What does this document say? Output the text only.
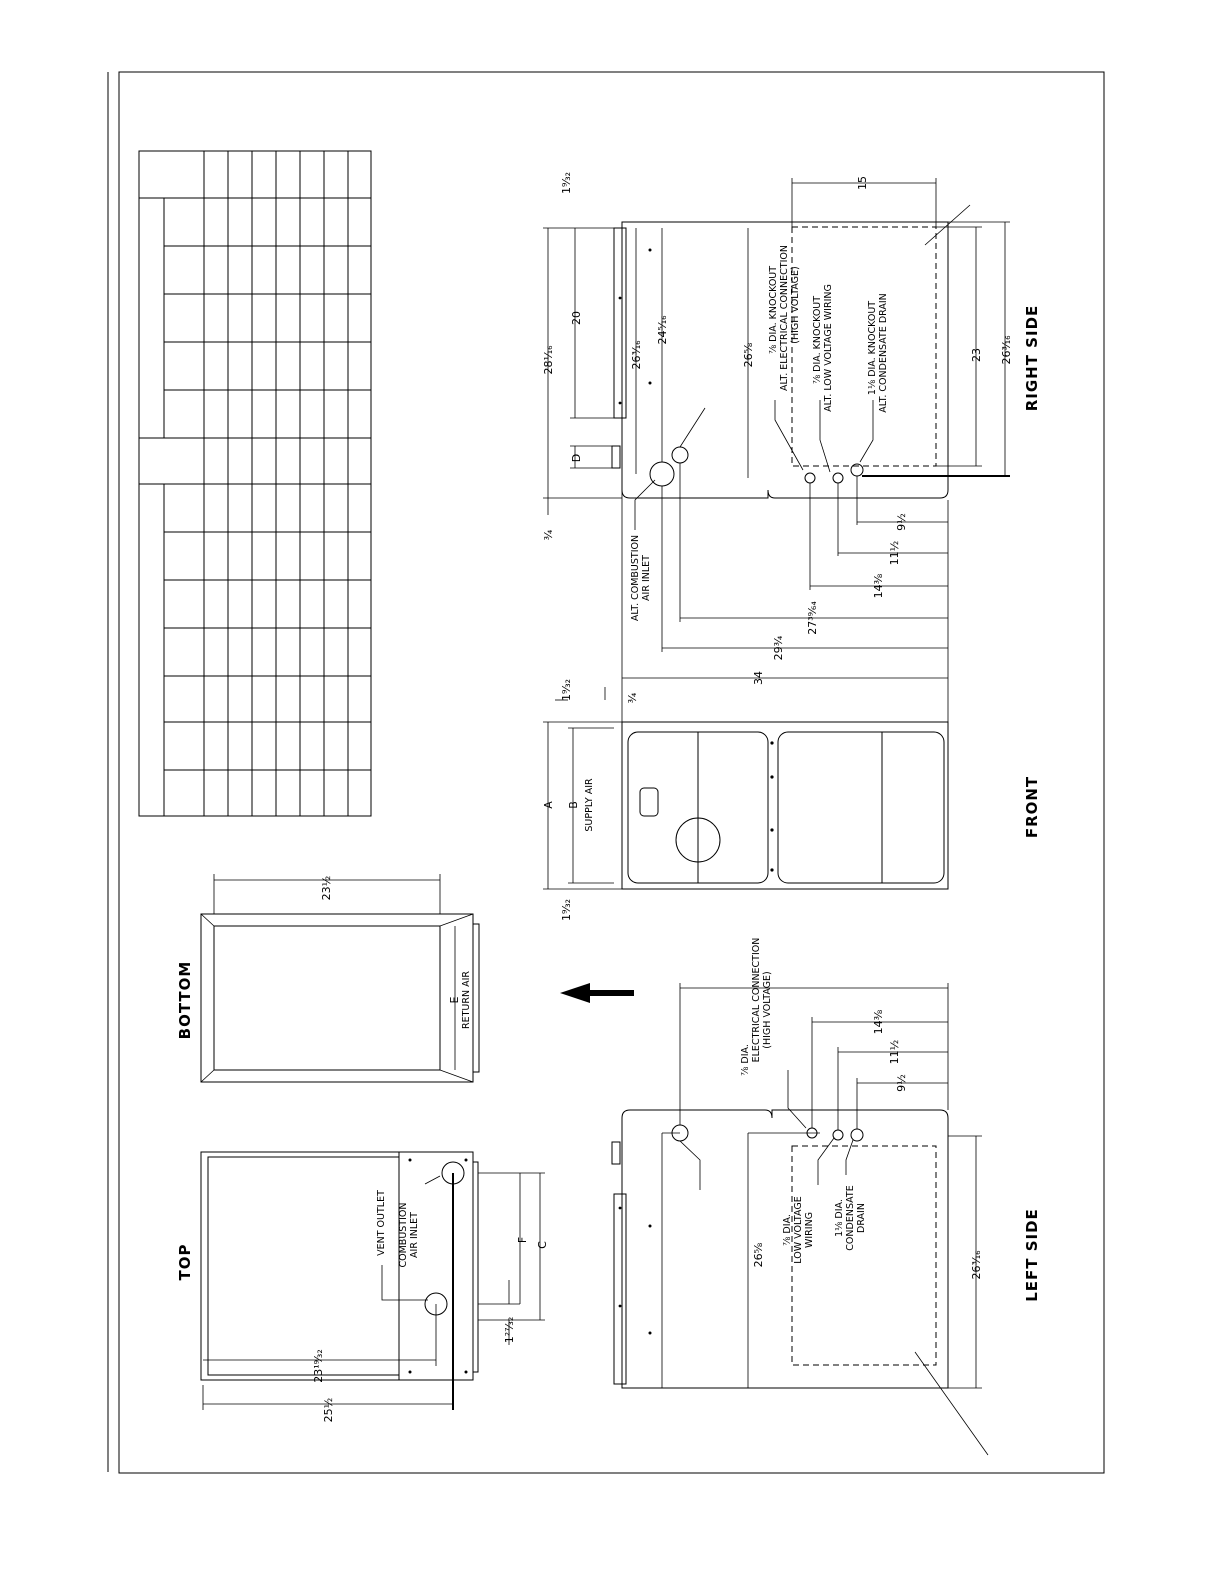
TOP
VENT OUTLET COMBUSTION AIR INLET
23¹⁹⁄₃₂
25½
F
C
1²⁷⁄₃₂
BOTTOM
23½
E RETURN AIR
FRONT
A B SUPPLY AIR
1⁹⁄₃₂
1⁹⁄₃₂
¾
34
RIGHT SIDE
28¹⁄₁₆
20
D
26³⁄₁₆
24⁵⁄₁₆
26⅝
1⁹⁄₃₂
¾
15
23 26³⁄₁₆
9½
11½
14⅜
27³⁹⁄₆₄
29¾
⅞ DIA. KNOCKOUT ALT. ELECTRICAL CONNECTION (HIGH VOLTAGE) ⅞ DIA. KNOCKOUT ALT. LOW VOLTAGE WIRING	1⅛ DIA. KNOCKOUT ALT. CONDENSATE DRAIN
ALT. COMBUSTION AIR INLET
LEFT SIDE
14⅜
11½
9½
26⅝	26³⁄₁₆
⅞ DIA. ELECTRICAL CONNECTION (HIGH VOLTAGE)
⅞ DIA. LOW VOLTAGE WIRING 1⅛ DIA. CONDENSATE DRAIN
